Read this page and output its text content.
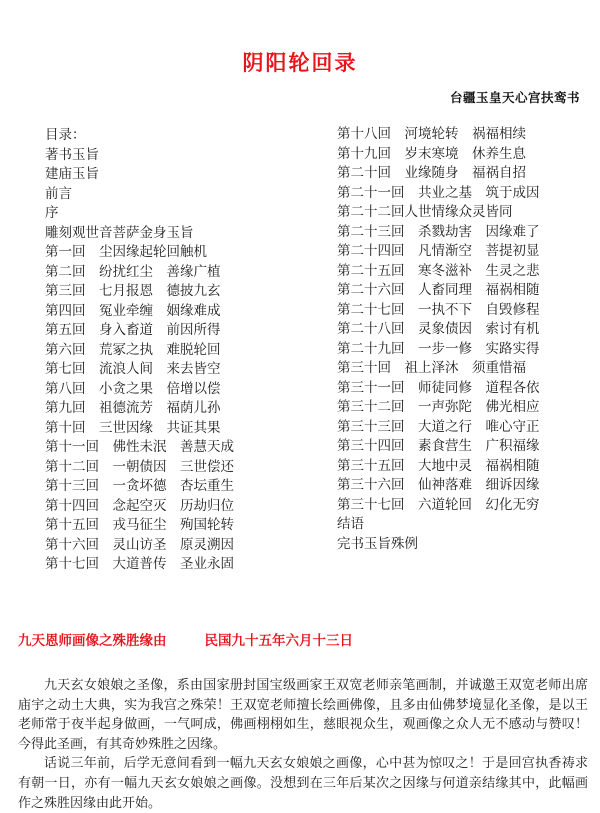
阴阳轮回录
台疆玉皇天心宫扶鸾书
目录：
著书玉旨
建庙玉旨
前言
序
雕刻观世音菩萨金身玉旨
第一回　尘因缘起轮回触机
第二回　纷扰红尘　善缘广植
第三回　七月报恩　德披九玄
第四回　冤业牵缠　姻缘难成
第五回　身入畜道　前因所得
第六回　荒冢之执　难脱轮回
第七回　流浪人间　来去皆空
第八回　小贪之果　倍增以偿
第九回　祖德流芳　福荫儿孙
第十回　三世因缘　共证其果
第十一回　佛性未泯　善慧天成
第十二回　一朝债因　三世偿还
第十三回　一贪坏德　杏坛重生
第十四回　念起空灭　历劫归位
第十五回　戎马征尘　殉国轮转
第十六回　灵山访圣　原灵溯因
第十七回　大道普传　圣业永固
第十八回　河境轮转　祸福相续
第十九回　岁末寒境　休养生息
第二十回　业缘随身　福祸自招
第二十一回　共业之基　筑于成因
第二十二回人世情缘众灵皆同
第二十三回　杀戮劫害　因缘难了
第二十四回　凡情渐空　菩提初显
第二十五回　寒冬滋补　生灵之悲
第二十六回　人畜同理　福祸相随
第二十七回　一执不下　自毁修程
第二十八回　灵象债因　索讨有机
第二十九回　一步一修　实路实得
第三十回　祖上泽沐　须重惜福
第三十一回　师徒同修　道程各依
第三十二回　一声弥陀　佛光相应
第三十三回　大道之行　唯心守正
第三十四回　素食营生　广积福缘
第三十五回　大地中灵　福祸相随
第三十六回　仙神落难　细诉因缘
第三十七回　六道轮回　幻化无穷
结语
完书玉旨殊例
九天恩师画像之殊胜缘由	民国九十五年六月十三日

九天玄女娘娘之圣像，系由国家册封国宝级画家王双宽老师亲笔画制，并诚邀王双宽老师出席庙宇之动土大典，实为我宫之殊荣！王双宽老师擅长绘画佛像，且多由仙佛梦境显化圣像，是以王老师常于夜半起身做画，一气呵成，佛画栩栩如生，慈眼视众生，观画像之众人无不感动与赞叹！今得此圣画，有其奇妙殊胜之因缘。

话说三年前，后学无意间看到一幅九天玄女娘娘之画像，心中甚为惊叹之！于是回宫执香祷求有朝一日，亦有一幅九天玄女娘娘之画像。没想到在三年后某次之因缘与何道亲结缘其中，此幅画作之殊胜因缘由此开始。
